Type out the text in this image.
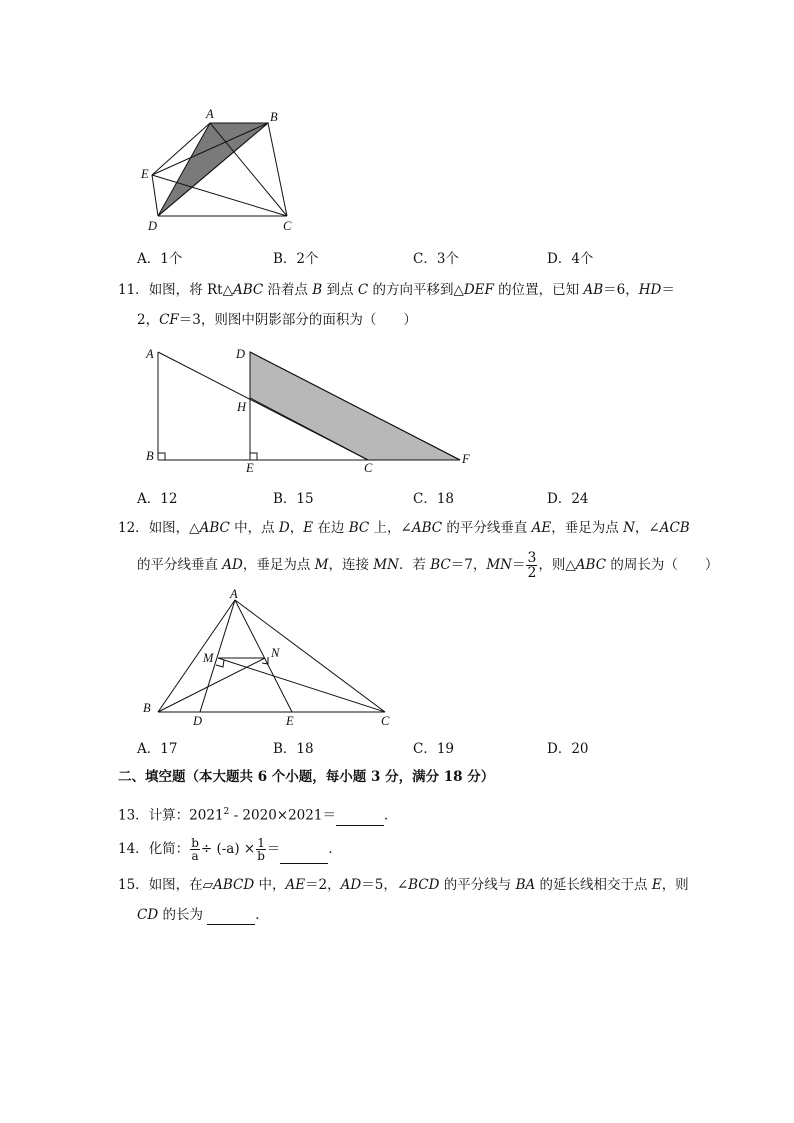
A	B
E
D	C
A．1个	B．2个	C．3个	D．4个
11．如图，将 Rt△ABC 沿着点 B 到点 C 的方向平移到△DEF 的位置，已知 AB＝6，HD＝
2，CF＝3，则图中阴影部分的面积为（　　）
A	D
H
B
E	C
F
A．12	B．15	C．18	D．24
12．如图，△ABC 中，点 D，E 在边 BC 上，∠ABC 的平分线垂直 AE，垂足为点 N，∠ACB
的平分线垂直 AD，垂足为点 M，连接 MN．若 BC＝7，$MN= \frac{3}{2}$ ，则△ABC 的周长为（　　）
A
M	N
B
D	E	C
A．17	B．18	C．19	D．20
二、填空题（本大题共 6 个小题，每小题 3 分，满分 18 分）
13．计算：2021$^2$ - 2020×2021＝	．
14．化简： $\frac{b}{a} \div (-a) \times \frac{1}{b}$ ＝	．
15．如图，在▱ABCD 中，AE＝2，AD＝5，∠BCD 的平分线与 BA 的延长线相交于点 E，则
CD 的长为	．
